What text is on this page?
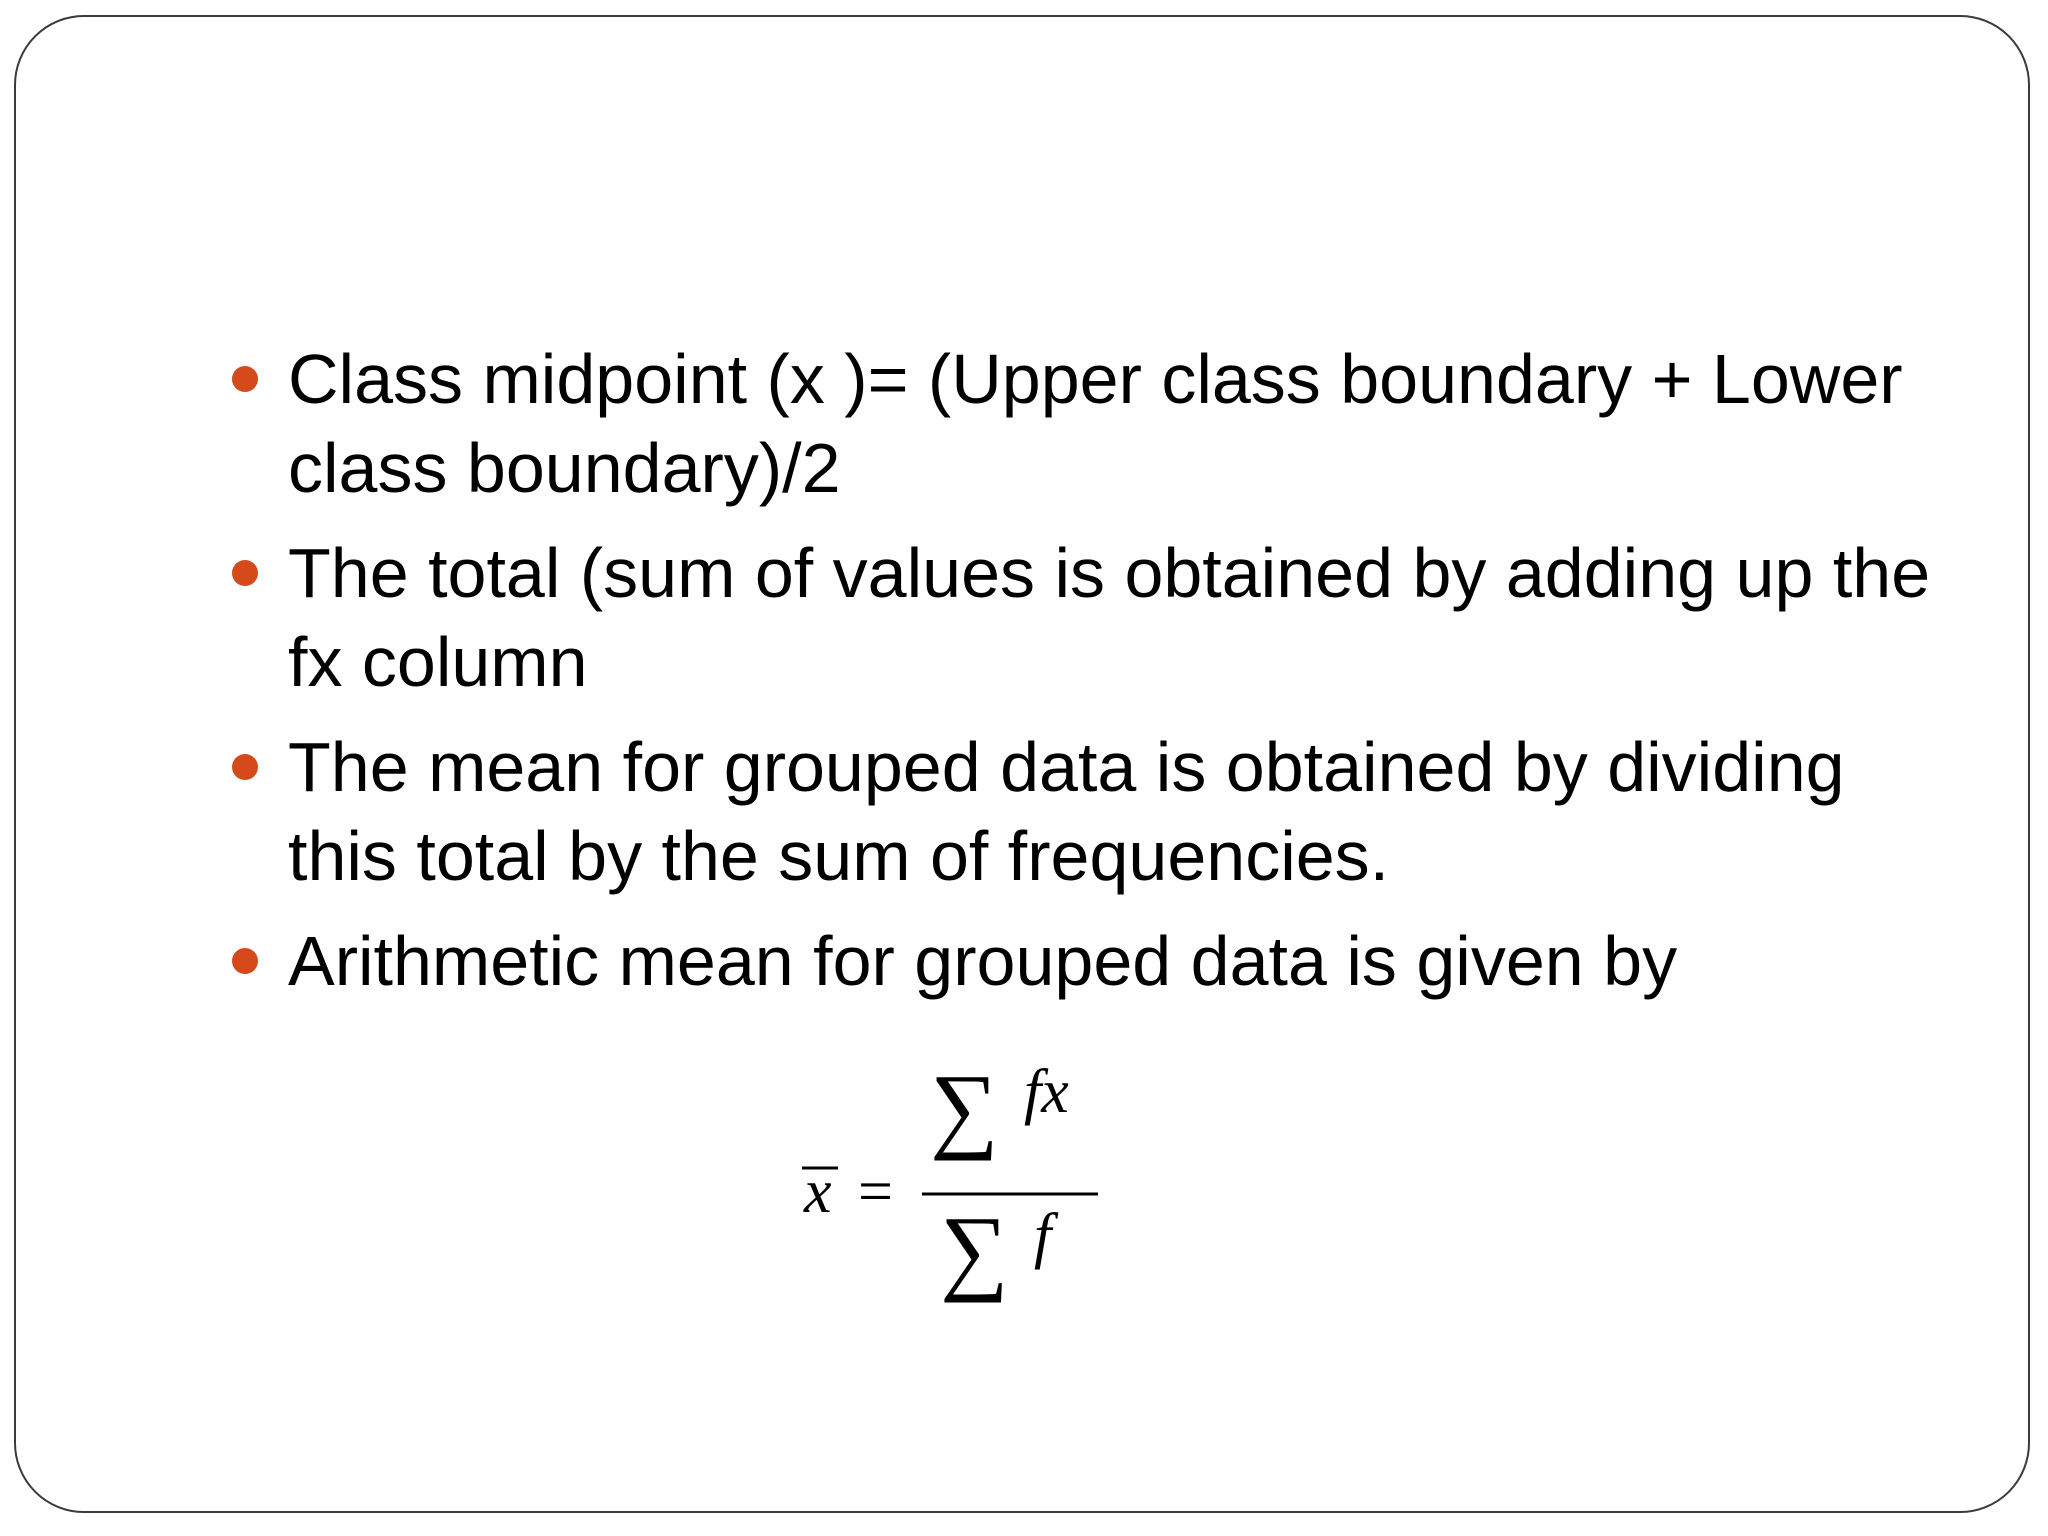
Class midpoint (x )= (Upper class boundary + Lower class boundary)/2
The total (sum of values is obtained by adding up the fx column
The mean for grouped data is obtained by dividing this total by the sum of frequencies.
Arithmetic mean for grouped data is given by
x =
∑ fx
∑ f
